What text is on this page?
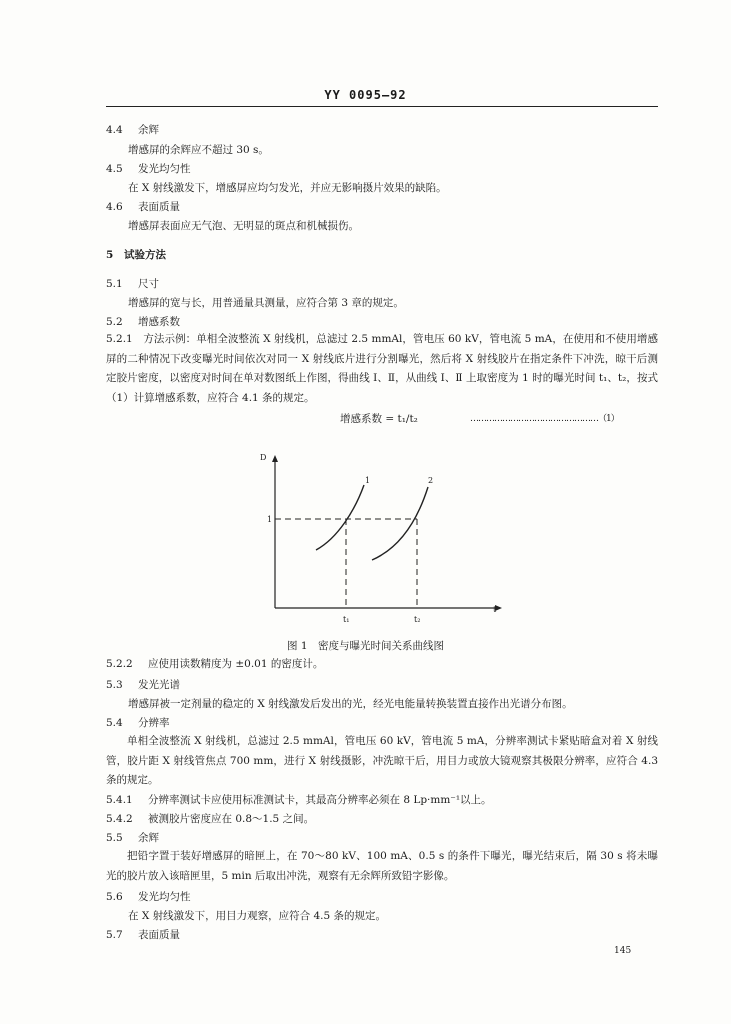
YY 0095—92
4.4 余辉
增感屏的余辉应不超过 30 s。
4.5 发光均匀性
在 X 射线激发下，增感屏应均匀发光，并应无影响摄片效果的缺陷。
4.6 表面质量
增感屏表面应无气泡、无明显的斑点和机械损伤。
5 试验方法
5.1 尺寸
增感屏的宽与长，用普通量具测量，应符合第 3 章的规定。
5.2 增感系数
5.2.1　方法示例：单相全波整流 X 射线机，总滤过 2.5 mmAl，管电压 60 kV，管电流 5 mA，在使用和不使用增感屏的二种情况下改变曝光时间依次对同一 X 射线底片进行分割曝光，然后将 X 射线胶片在指定条件下冲洗，晾干后测定胶片密度，以密度对时间在单对数图纸上作图，得曲线 Ⅰ、Ⅱ，从曲线 Ⅰ、Ⅱ 上取密度为 1 时的曝光时间 t₁、t₂，按式（1）计算增感系数，应符合 4.1 条的规定。
增感系数 = t₁/t₂	…………………………………………（1）
D
t
1
1	2
t₁	t₂
图 1　密度与曝光时间关系曲线图
5.2.2 应使用读数精度为 ±0.01 的密度计。
5.3 发光光谱
增感屏被一定剂量的稳定的 X 射线激发后发出的光，经光电能量转换装置直接作出光谱分布图。
5.4 分辨率
单相全波整流 X 射线机，总滤过 2.5 mmAl，管电压 60 kV，管电流 5 mA，分辨率测试卡紧贴暗盒对着 X 射线管，胶片距 X 射线管焦点 700 mm，进行 X 射线摄影，冲洗晾干后，用目力或放大镜观察其极限分辨率，应符合 4.3 条的规定。
5.4.1 分辨率测试卡应使用标准测试卡，其最高分辨率必须在 8 Lp·mm⁻¹以上。
5.4.2 被测胶片密度应在 0.8～1.5 之间。
5.5 余辉
把铅字置于装好增感屏的暗匣上，在 70～80 kV、100 mA、0.5 s 的条件下曝光，曝光结束后，隔 30 s 将未曝光的胶片放入该暗匣里，5 min 后取出冲洗，观察有无余辉所致铅字影像。
5.6 发光均匀性
在 X 射线激发下，用目力观察，应符合 4.5 条的规定。
5.7 表面质量
145
